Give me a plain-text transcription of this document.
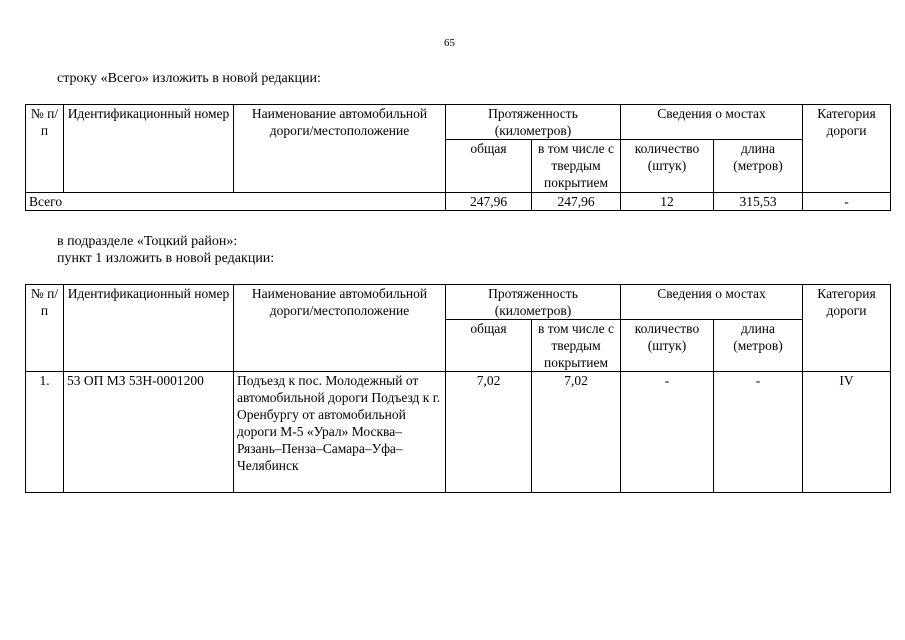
65
строку «Всего» изложить в новой редакции:
№ п/п	Идентификационный номер	Наименование автомобильной дороги/местоположение	Протяженность (километров)		Сведения о мостах		Категория дороги
			общая	в том числе с твердым покрытием	количество (штук)	длина (метров)	
Всего			247,96	247,96	12	315,53	-
в подразделе «Тоцкий район»:
пункт 1 изложить в новой редакции:
№ п/п	Идентификационный номер	Наименование автомобильной дороги/местоположение	Протяженность (километров)		Сведения о мостах		Категория дороги
			общая	в том числе с твердым покрытием	количество (штук)	длина (метров)	
1.	53 ОП МЗ 53Н-0001200	Подъезд к пос. Молодежный от автомобильной дороги Подъезд к г. Оренбургу от автомобильной дороги М-5 «Урал» Москва–Рязань–Пенза–Самара–Уфа–Челябинск	7,02	7,02	-	-	IV
